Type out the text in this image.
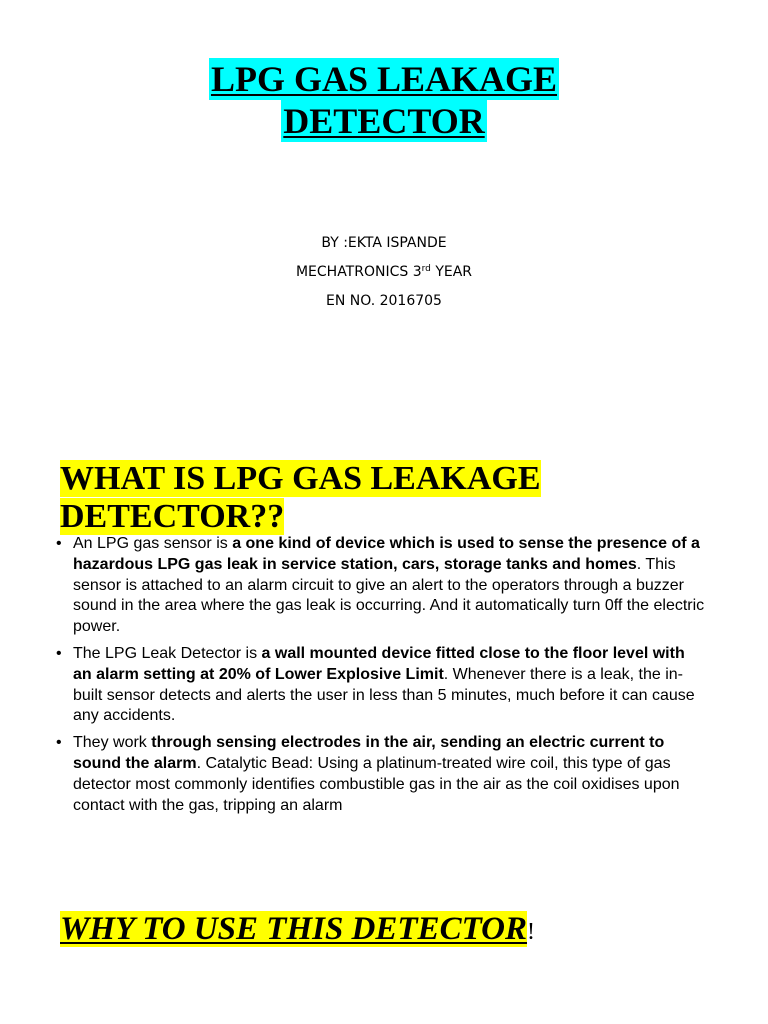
LPG GAS LEAKAGE
DETECTOR
BY :EKTA ISPANDE
MECHATRONICS 3rd YEAR
EN NO. 2016705
WHAT IS LPG GAS LEAKAGE DETECTOR??
• An LPG gas sensor is a one kind of device which is used to sense the presence of a hazardous LPG gas leak in service station, cars, storage tanks and homes. This sensor is attached to an alarm circuit to give an alert to the operators through a buzzer sound in the area where the gas leak is occurring. And it automatically turn 0ff the electric power.
• The LPG Leak Detector is a wall mounted device fitted close to the floor level with an alarm setting at 20% of Lower Explosive Limit. Whenever there is a leak, the in-built sensor detects and alerts the user in less than 5 minutes, much before it can cause any accidents.
• They work through sensing electrodes in the air, sending an electric current to sound the alarm. Catalytic Bead: Using a platinum-treated wire coil, this type of gas detector most commonly identifies combustible gas in the air as the coil oxidises upon contact with the gas, tripping an alarm
WHY TO USE THIS DETECTOR!
